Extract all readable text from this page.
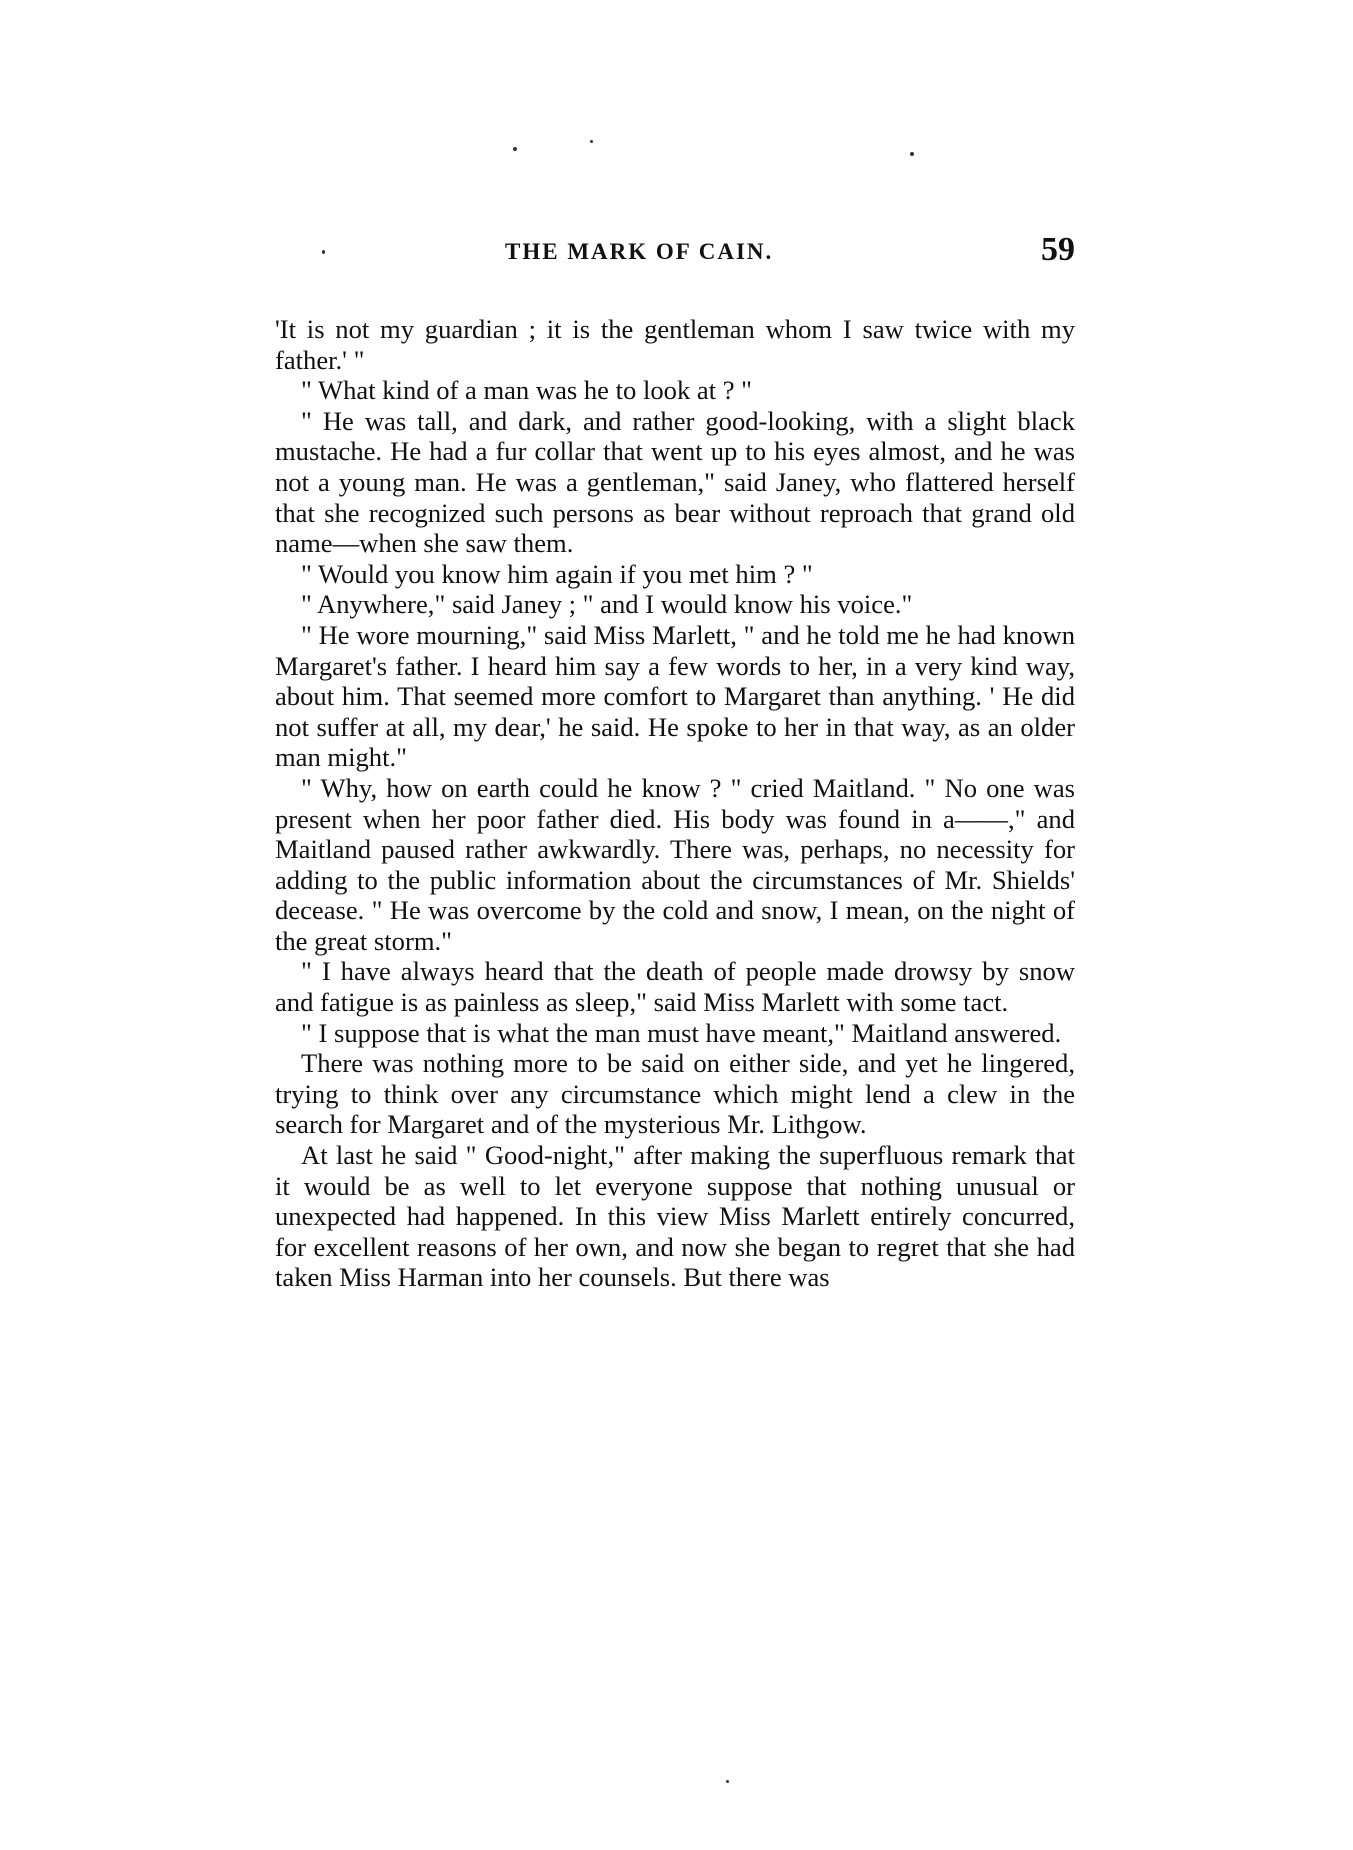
THE MARK OF CAIN.	59

'It is not my guardian ; it is the gentleman whom I saw twice with my father.' "

" What kind of a man was he to look at ? "

" He was tall, and dark, and rather good-looking, with a slight black mustache. He had a fur collar that went up to his eyes almost, and he was not a young man. He was a gentleman," said Janey, who flattered herself that she recognized such persons as bear without reproach that grand old name—when she saw them.

" Would you know him again if you met him ? "

" Anywhere," said Janey ; " and I would know his voice."

" He wore mourning," said Miss Marlett, " and he told me he had known Margaret's father. I heard him say a few words to her, in a very kind way, about him. That seemed more comfort to Margaret than anything. ' He did not suffer at all, my dear,' he said. He spoke to her in that way, as an older man might."

" Why, how on earth could he know ? " cried Maitland. " No one was present when her poor father died. His body was found in a——," and Maitland paused rather awkwardly. There was, perhaps, no necessity for adding to the public information about the circumstances of Mr. Shields' decease. " He was overcome by the cold and snow, I mean, on the night of the great storm."

" I have always heard that the death of people made drowsy by snow and fatigue is as painless as sleep," said Miss Marlett with some tact.

" I suppose that is what the man must have meant," Maitland answered.

There was nothing more to be said on either side, and yet he lingered, trying to think over any circumstance which might lend a clew in the search for Margaret and of the mysterious Mr. Lithgow.

At last he said " Good-night," after making the superfluous remark that it would be as well to let everyone suppose that nothing unusual or unexpected had happened. In this view Miss Marlett entirely concurred, for excellent reasons of her own, and now she began to regret that she had taken Miss Harman into her counsels. But there was
